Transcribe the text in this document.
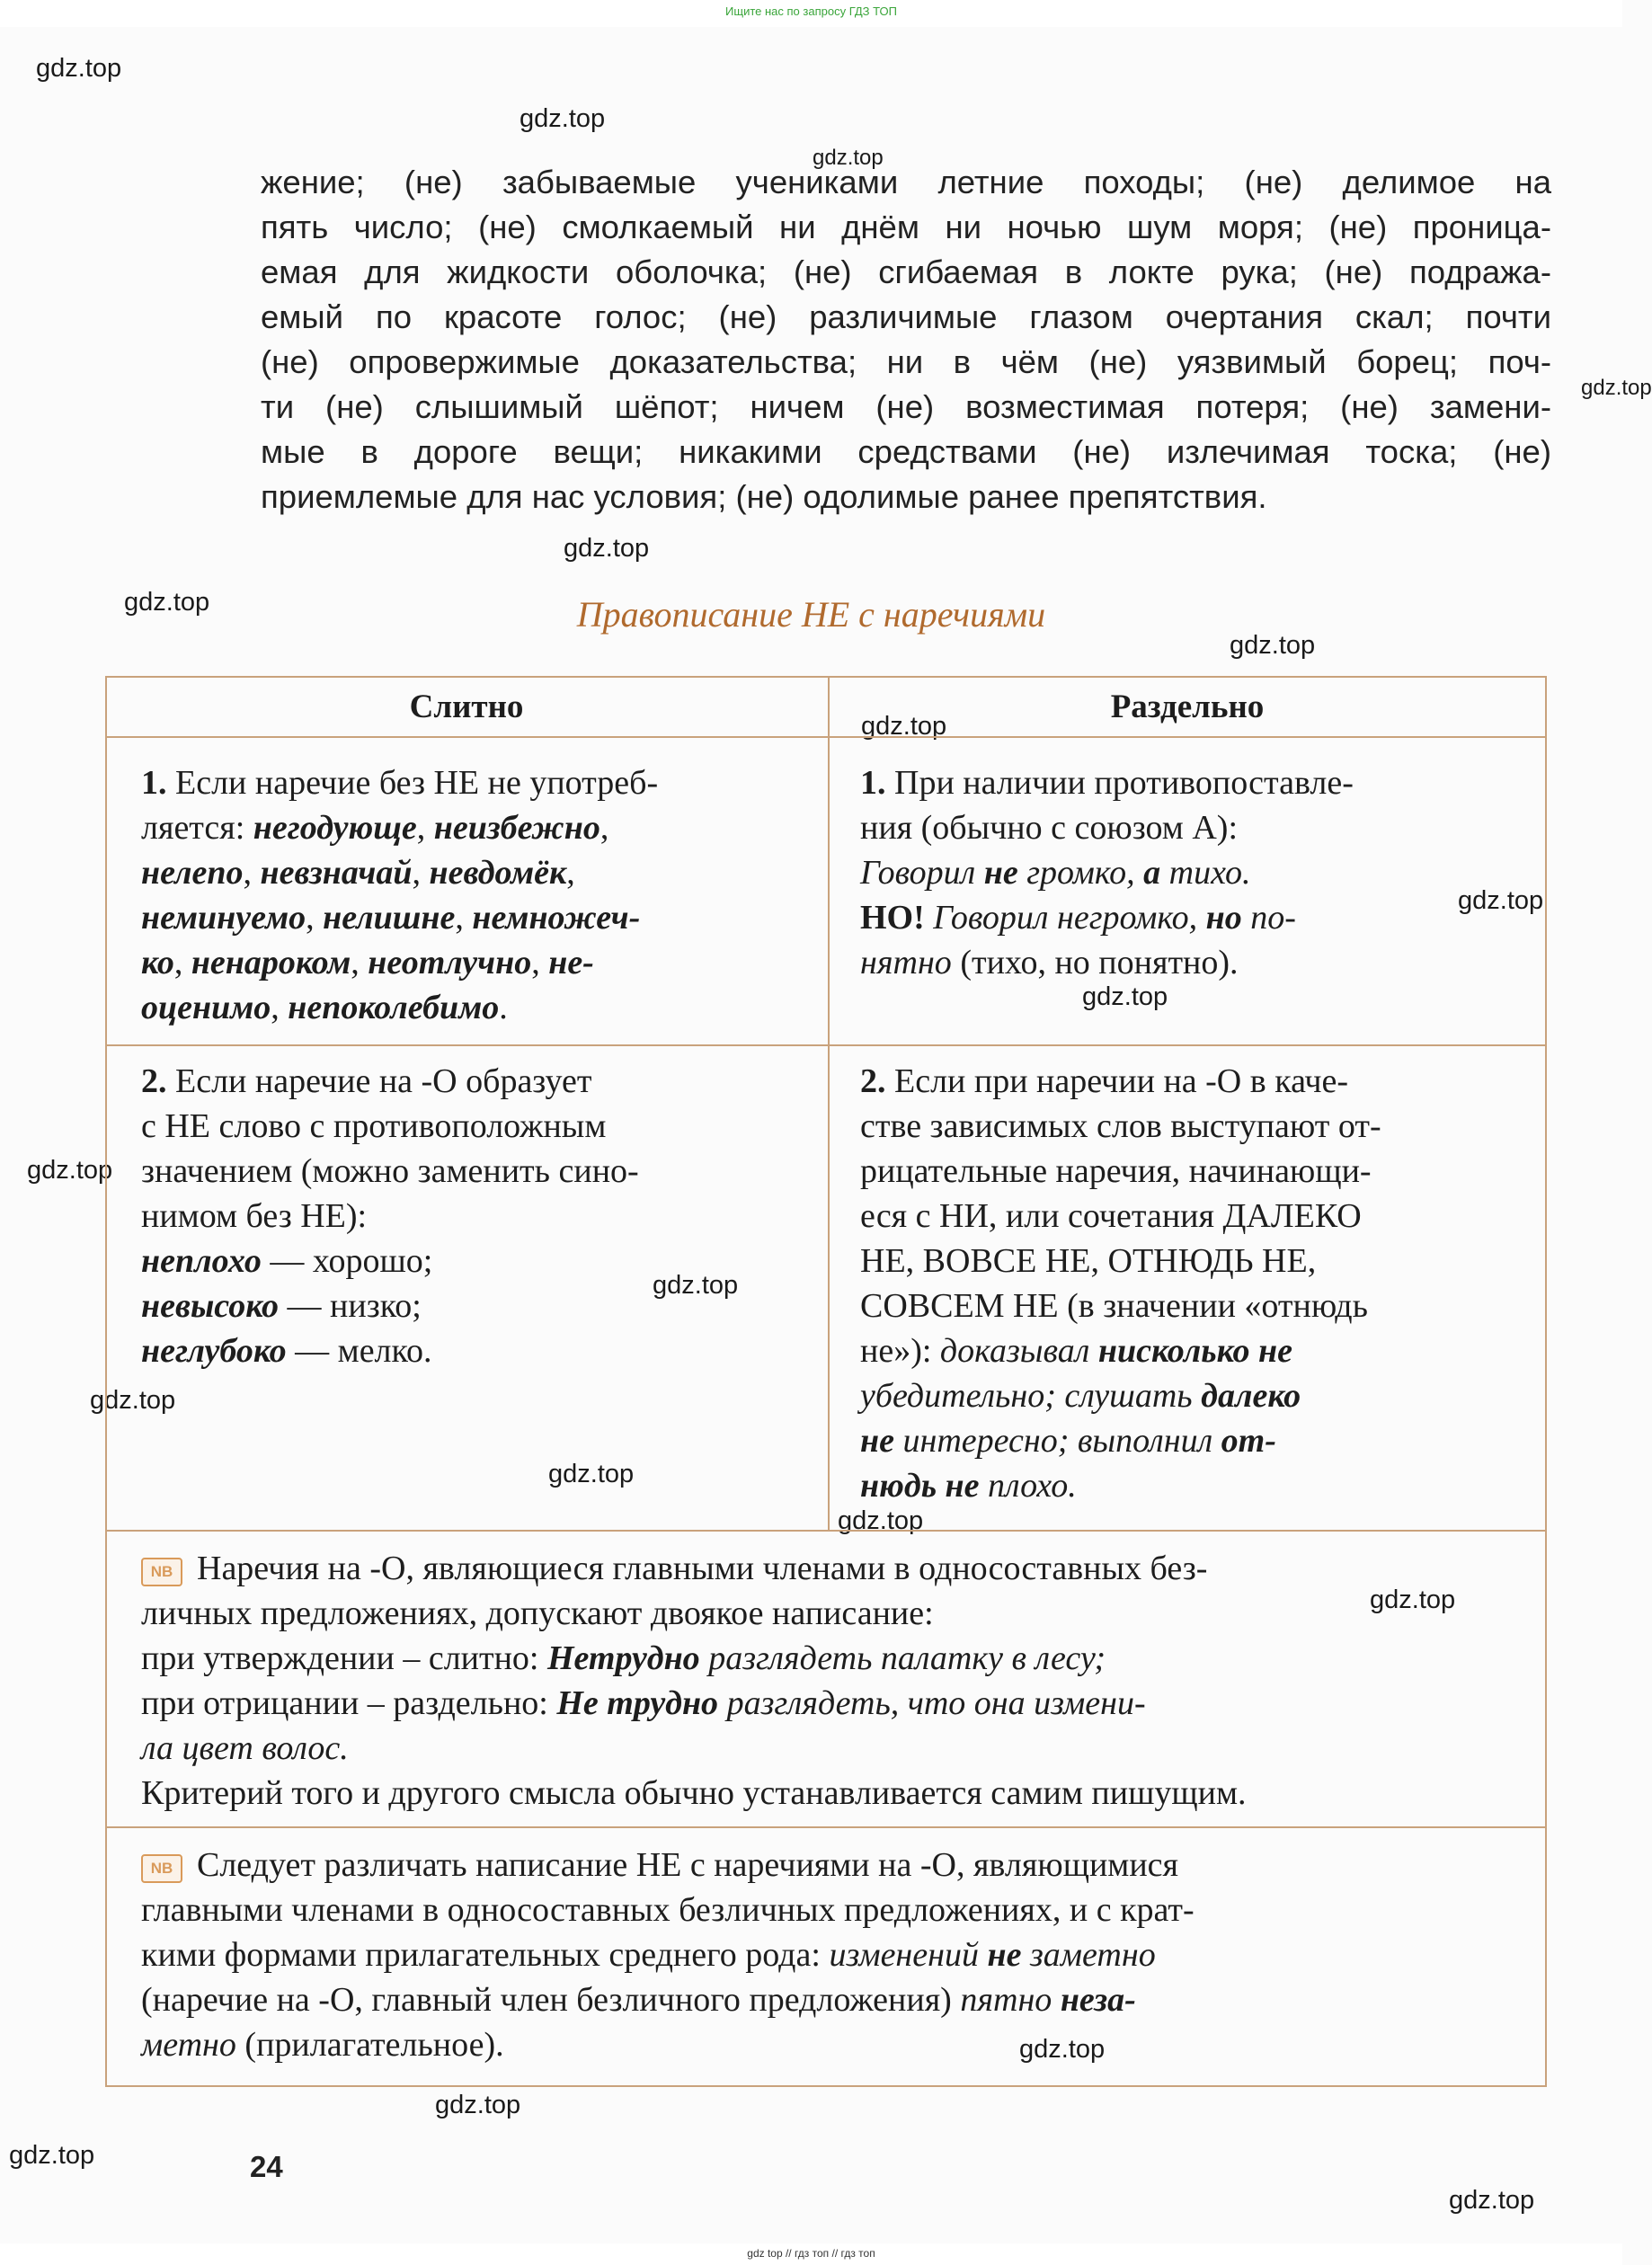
Ищите нас по запросу ГДЗ ТОП
gdz.top
gdz.top
gdz.top
gdz.top
gdz.top
gdz.top
gdz.top
gdz.top
gdz.top
gdz.top
gdz.top
gdz.top
gdz.top
gdz.top
gdz.top
gdz.top
gdz.top
gdz.top
gdz.top
gdz.top
жение; (не) забываемые учениками летние походы; (не) делимое на
пять число; (не) смолкаемый ни днём ни ночью шум моря; (не) проница-
емая для жидкости оболочка; (не) сгибаемая в локте рука; (не) подража-
емый по красоте голос; (не) различимые глазом очертания скал; почти
(не) опровержимые доказательства; ни в чём (не) уязвимый борец; поч-
ти (не) слышимый шёпот; ничем (не) возместимая потеря; (не) замени-
мые в дороге вещи; никакими средствами (не) излечимая тоска; (не)
приемлемые для нас условия; (не) одолимые ранее препятствия.
Правописание НЕ с наречиями
Слитно	Раздельно
1. Если наречие без НЕ не употреб-
ляется: негодующе, неизбежно,
нелепо, невзначай, невдомёк,
неминуемо, нелишне, немножеч-
ко, ненароком, неотлучно, не-
оценимо, непоколебимо.
1. При наличии противопоставле-
ния (обычно с союзом А):
Говорил не громко, а тихо.
НО! Говорил негромко, но по-
нятно (тихо, но понятно).
2. Если наречие на -О образует
с НЕ слово с противоположным
значением (можно заменить сино-
нимом без НЕ):
неплохо — хорошо;
невысоко — низко;
неглубоко — мелко.
2. Если при наречии на -О в каче-
стве зависимых слов выступают от-
рицательные наречия, начинающи-
еся с НИ, или сочетания ДАЛЕКО
НЕ, ВОВСЕ НЕ, ОТНЮДЬ НЕ,
СОВСЕМ НЕ (в значении «отнюдь
не»): доказывал нисколько не
убедительно; слушать далеко
не интересно; выполнил от-
нюдь не плохо.
NB Наречия на -О, являющиеся главными членами в односоставных без-
личных предложениях, допускают двоякое написание:
при утверждении – слитно: Нетрудно разглядеть палатку в лесу;
при отрицании – раздельно: Не трудно разглядеть, что она измени-
ла цвет волос.
Критерий того и другого смысла обычно устанавливается самим пишущим.
NB Следует различать написание НЕ с наречиями на -О, являющимися
главными членами в односоставных безличных предложениях, и с крат-
кими формами прилагательных среднего рода: изменений не заметно
(наречие на -О, главный член безличного предложения) пятно неза-
метно (прилагательное).
24
gdz top // гдз топ // гдз топ
